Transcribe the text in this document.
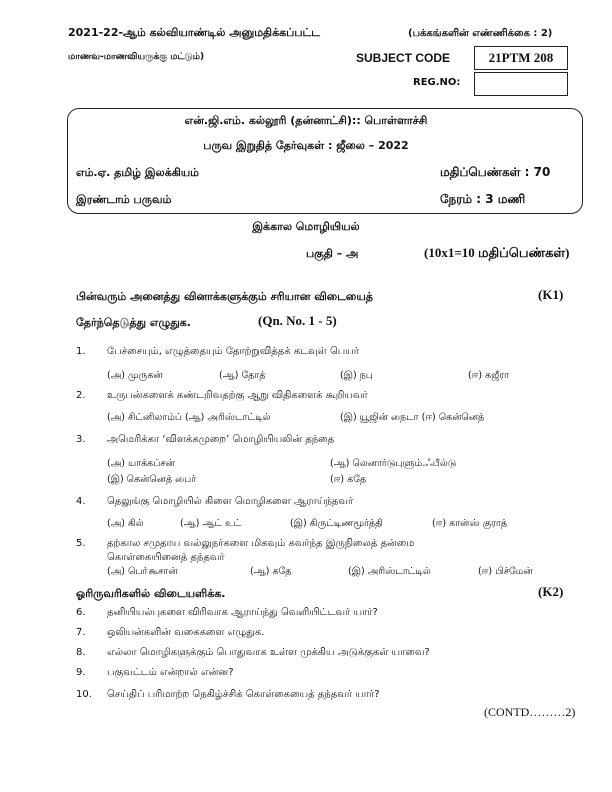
2021-22-ஆம் கல்வியாண்டில் அனுமதிக்கப்பட்ட	(பக்கங்களின் எண்ணிக்கை : 2)
மாணவ-மாணவியருக்கு மட்டும்)	SUBJECT CODE	21PTM 208
REG.NO:
என்.ஜி.எம். கல்லூரி (தன்னாட்சி):: பொள்ளாச்சி
பருவ இறுதித் தேர்வுகள் : ஜீலை – 2022
எம்.ஏ. தமிழ் இலக்கியம்	மதிப்பெண்கள் : 70
இரண்டாம் பருவம்	நேரம் : 3 மணி
இக்கால மொழியியல்
பகுதி – அ	(10x1=10 மதிப்பெண்கள்)
பின்வரும் அனைத்து வினாக்களுக்கும் சரியான விடையைத்	(K1)
தேர்ந்தெடுத்து எழுதுக.	(Qn. No. 1 - 5)
1.	பேச்சையும், எழுத்தையும் தோற்றுவித்தக் கடவுள் பெயர்
(அ) முருகன்	(ஆ) தோத்	(இ) நபு	(ஈ) கஜீரா
2.	உருபன்களைக் கண்டறிவதற்கு ஆறு விதிகளைக் கூறியவர்
(அ) சிட்னிலாம்ப் (ஆ) அரிஸ்டாட்டில்	(இ) யூஜின் நைடா (ஈ) கென்னெத்
3.	அமெரிக்கா ‘விளக்கமுறை’ மொழியியலின் தந்தை
(அ) யாக்கப்சன்	(ஆ) லெனார்டுபுளும்.ஃபீல்டு
(இ) கென்னெத் பைர்	(ஈ) கதே
4.	தெலுங்கு மொழியில் கிளை மொழிகளை ஆராய்ந்தவர்
(அ) கில்	(ஆ) ஆட் உட்	(இ) கிருட்டிணமூர்த்தி	(ஈ) கான்ஸ் குராத்
5.	தற்கால சமுதாய வல்லுநர்களை மிகவும் கவர்ந்த இருநிலைத் தன்மை
கொள்கையினைத் தந்தவர்
(அ) பொ்கூசான்	(ஆ) கதே	(இ) அரிஸ்டாட்டில்	(ஈ) பிச்மேன்
ஓரிருவரிகளில் விடையளிக்க.	(K2)
6.	தனியியல்புகளை விரிவாக ஆராய்ந்து வெளியிட்டவர் யார்?
7.	ஒலியன்களின் வகைகளை எழுதுக.
8.	எல்லா மொழிகளுக்கும் பொதுவாக உள்ள முக்கிய அடுக்குகள் யாவை?
9.	பகுவட்டம் என்றால் என்ன?
10.	செய்திப் பரிமாற்ற நெகிழ்ச்சிக் கொள்கையைத் தந்தவர் யார்?
(CONTD………2)
